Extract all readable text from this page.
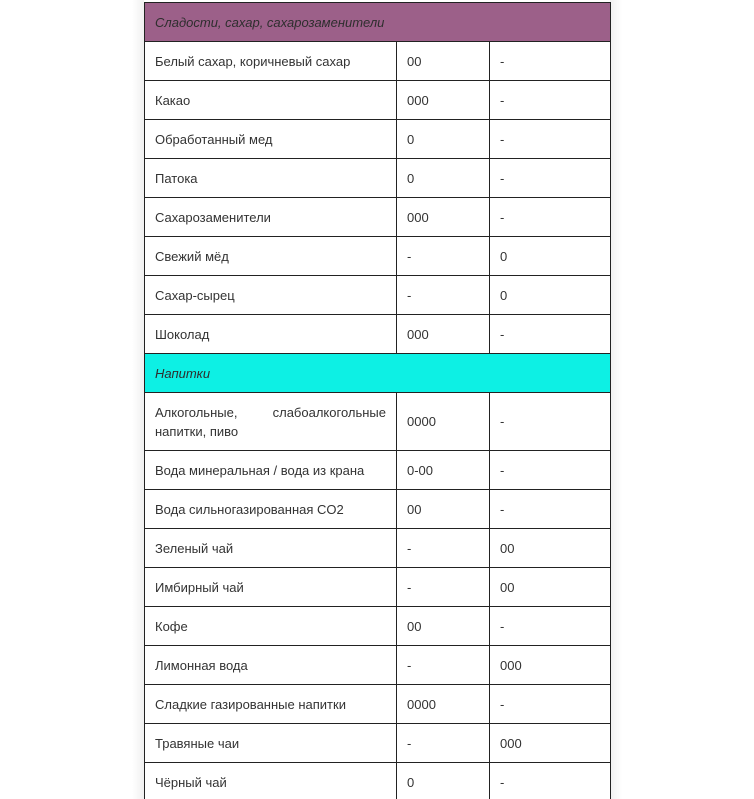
Сладости, сахар, сахарозаменители		
Белый сахар, коричневый сахар	00	-
Какао	000	-
Обработанный мед	0	-
Патока	0	-
Сахарозаменители	000	-
Свежий мёд	-	0
Сахар-сырец	-	0
Шоколад	000	-
Напитки		
Алкогольные, слабоалкогольные напитки, пиво	0000	-
Вода минеральная / вода из крана	0-00	-
Вода сильногазированная CO2	00	-
Зеленый чай	-	00
Имбирный чай	-	00
Кофе	00	-
Лимонная вода	-	000
Сладкие газированные напитки	0000	-
Травяные чаи	-	000
Чёрный чай	0	-
